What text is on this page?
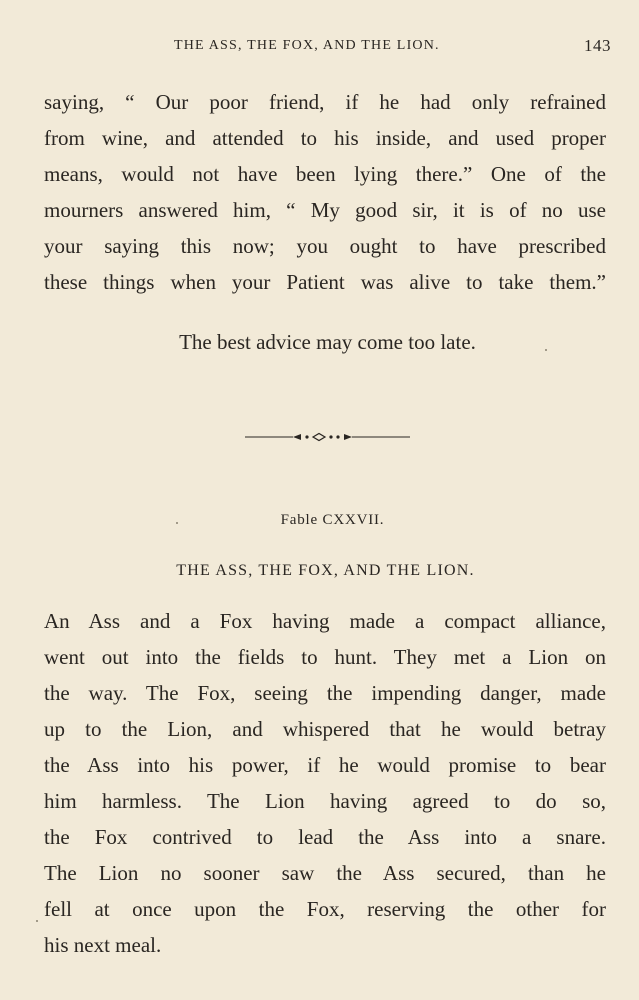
THE ASS, THE FOX, AND THE LION.	143
saying, “ Our poor friend, if he had only refrained
from wine, and attended to his inside, and used proper
means, would not have been lying there.” One of the
mourners answered him, “ My good sir, it is of no use
your saying this now; you ought to have prescribed
these things when your Patient was alive to take them.”
The best advice may come too late.
Fable CXXVII.
THE ASS, THE FOX, AND THE LION.
An Ass and a Fox having made a compact alliance,
went out into the fields to hunt. They met a Lion on
the way. The Fox, seeing the impending danger, made
up to the Lion, and whispered that he would betray
the Ass into his power, if he would promise to bear
him harmless. The Lion having agreed to do so,
the Fox contrived to lead the Ass into a snare.
The Lion no sooner saw the Ass secured, than he
fell at once upon the Fox, reserving the other for
his next meal.
